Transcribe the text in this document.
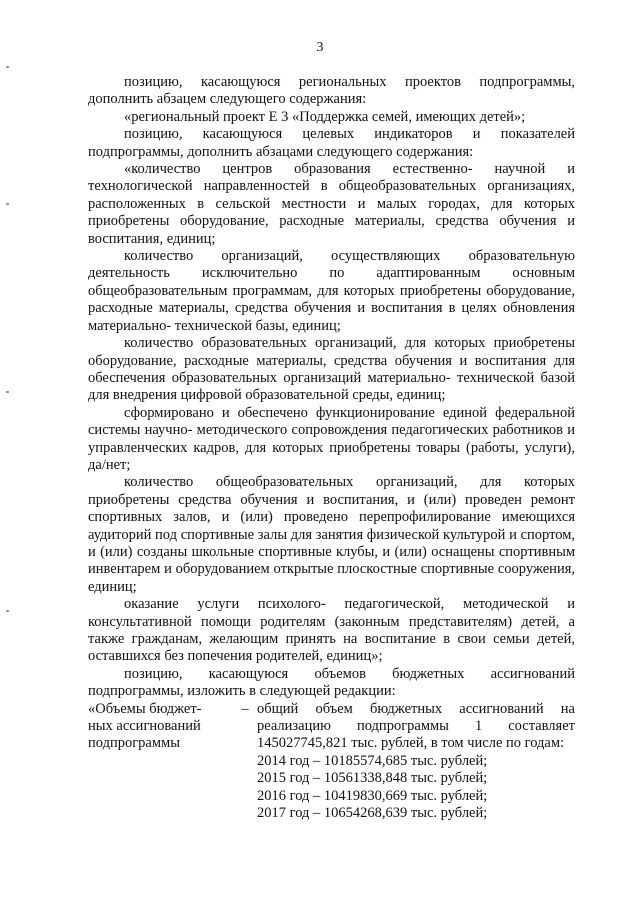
3

позицию, касающуюся региональных проектов подпрограммы, дополнить абзацем следующего содержания:

«региональный проект Е 3 «Поддержка семей, имеющих детей»;

позицию, касающуюся целевых индикаторов и показателей подпрограммы, дополнить абзацами следующего содержания:

«количество центров образования естественно- научной и технологической направленностей в общеобразовательных организациях, расположенных в сельской местности и малых городах, для которых приобретены оборудование, расходные материалы, средства обучения и воспитания, единиц;

количество организаций, осуществляющих образовательную деятельность исключительно по адаптированным основным общеобразовательным программам, для которых приобретены оборудование, расходные материалы, средства обучения и воспитания в целях обновления материально- технической базы, единиц;

количество образовательных организаций, для которых приобретены оборудование, расходные материалы, средства обучения и воспитания для обеспечения образовательных организаций материально- технической базой для внедрения цифровой образовательной среды, единиц;

сформировано и обеспечено функционирование единой федеральной системы научно- методического сопровождения педагогических работников и управленческих кадров, для которых приобретены товары (работы, услуги), да/нет;

количество общеобразовательных организаций, для которых приобретены средства обучения и воспитания, и (или) проведен ремонт спортивных залов, и (или) проведено перепрофилирование имеющихся аудиторий под спортивные залы для занятия физической культурой и спортом, и (или) созданы школьные спортивные клубы, и (или) оснащены спортивным инвентарем и оборудованием открытые плоскостные спортивные сооружения, единиц;

оказание услуги психолого- педагогической, методической и консультативной помощи родителям (законным представителям) детей, а также гражданам, желающим принять на воспитание в свои семьи детей, оставшихся без попечения родителей, единиц»;

позицию, касающуюся объемов бюджетных ассигнований подпрограммы, изложить в следующей редакции:

«Объемы бюджет-

ных ассигнований

подпрограммы

– общий объем бюджетных ассигнований на реализацию подпрограммы 1 составляет 145027745,821 тыс. рублей, в том числе по годам:

2014 год – 10185574,685 тыс. рублей;

2015 год – 10561338,848 тыс. рублей;

2016 год – 10419830,669 тыс. рублей;

2017 год – 10654268,639 тыс. рублей;
